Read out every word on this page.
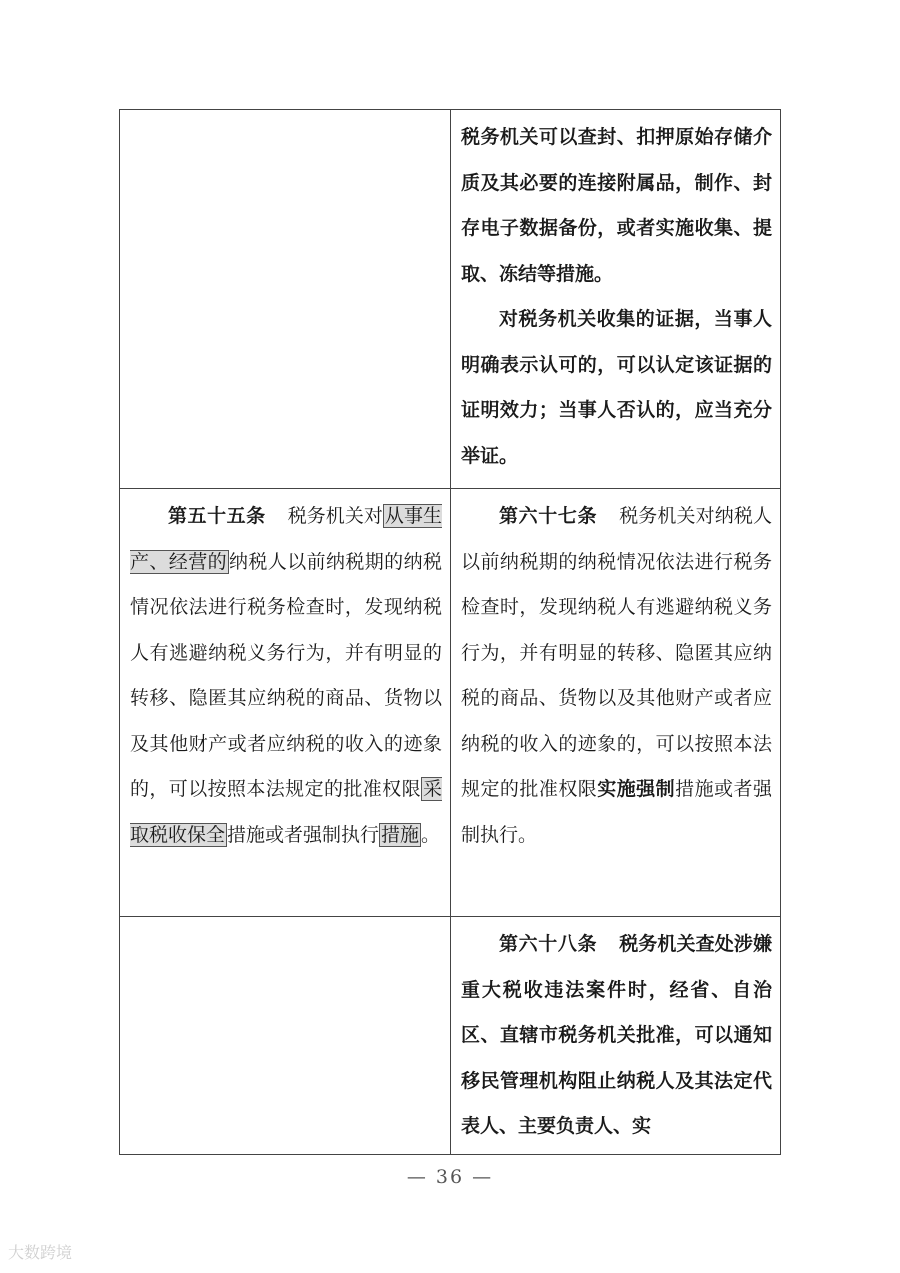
税务机关可以查封、扣押原始存储介质及其必要的连接附属品，制作、封存电子数据备份，或者实施收集、提取、冻结等措施。
对税务机关收集的证据，当事人明确表示认可的，可以认定该证据的证明效力；当事人否认的，应当充分举证。
第五十五条 税务机关对 从事生产、经营的 纳税人以前纳税期的纳税情况依法进行税务检查时，发现纳税人有逃避纳税义务行为，并有明显的转移、隐匿其应纳税的商品、货物以及其他财产或者应纳税的收入的迹象的，可以按照本法规定的批准权限 采取税收保全 措施或者强制执行 措施 。
第六十七条 税务机关对纳税人以前纳税期的纳税情况依法进行税务检查时，发现纳税人有逃避纳税义务行为，并有明显的转移、隐匿其应纳税的商品、货物以及其他财产或者应纳税的收入的迹象的，可以按照本法规定的批准权限实施强制措施或者强制执行。
第六十八条 税务机关查处涉嫌重大税收违法案件时，经省、自治区、直辖市税务机关批准，可以通知移民管理机构阻止纳税人及其法定代表人、主要负责人、实
— 36 —
大数跨境
